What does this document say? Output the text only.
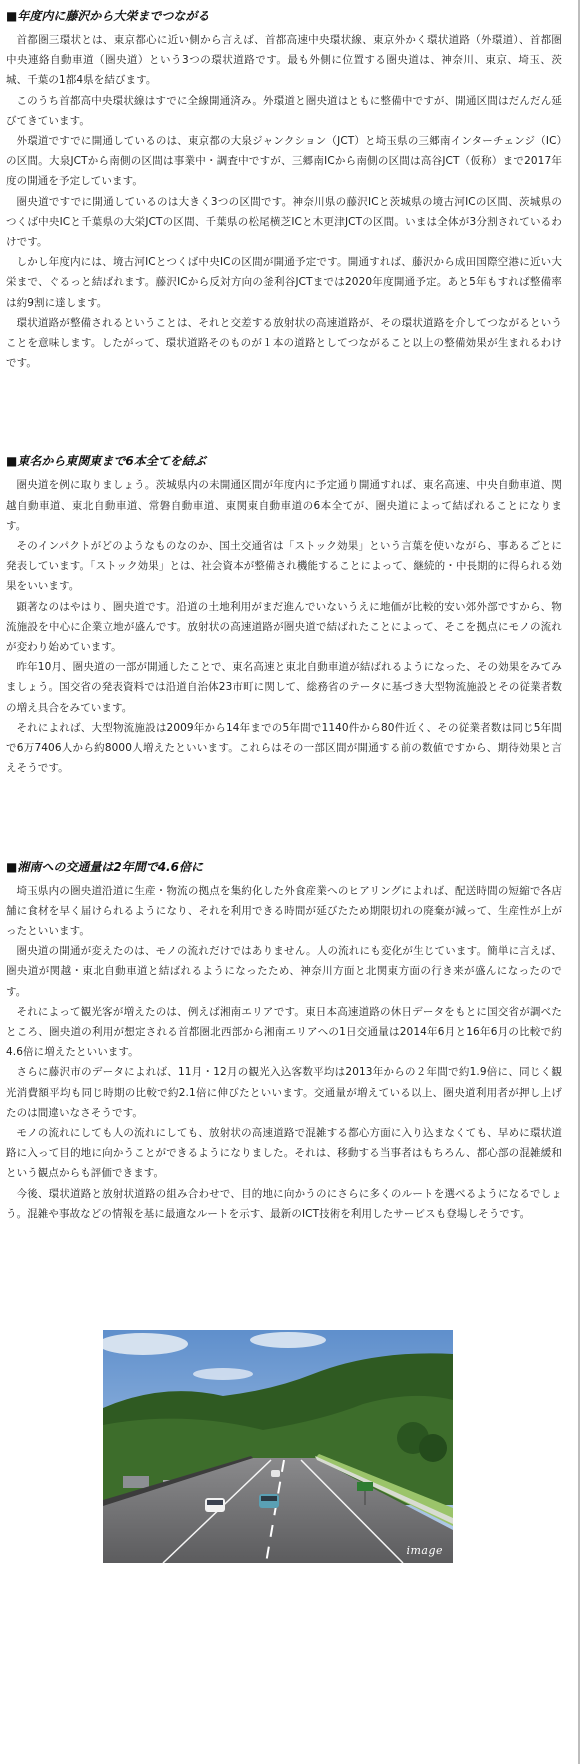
■年度内に藤沢から大栄までつながる

首都圏三環状とは、東京都心に近い側から言えば、首都高速中央環状線、東京外かく環状道路（外環道）、首都圏中央連絡自動車道（圏央道）という3つの環状道路です。最も外側に位置する圏央道は、神奈川、東京、埼玉、茨城、千葉の1都4県を結びます。

このうち首都高中央環状線はすでに全線開通済み。外環道と圏央道はともに整備中ですが、開通区間はだんだん延びてきています。

外環道ですでに開通しているのは、東京都の大泉ジャンクション（JCT）と埼玉県の三郷南インターチェンジ（IC）の区間。大泉JCTから南側の区間は事業中・調査中ですが、三郷南ICから南側の区間は高谷JCT（仮称）まで2017年度の開通を予定しています。

圏央道ですでに開通しているのは大きく3つの区間です。神奈川県の藤沢ICと茨城県の境古河ICの区間、茨城県のつくば中央ICと千葉県の大栄JCTの区間、千葉県の松尾横芝ICと木更津JCTの区間。いまは全体が3分割されているわけです。

しかし年度内には、境古河ICとつくば中央ICの区間が開通予定です。開通すれば、藤沢から成田国際空港に近い大栄まで、ぐるっと結ばれます。藤沢ICから反対方向の釜利谷JCTまでは2020年度開通予定。あと5年もすれば整備率は約9割に達します。

環状道路が整備されるということは、それと交差する放射状の高速道路が、その環状道路を介してつながるということを意味します。したがって、環状道路そのものが１本の道路としてつながること以上の整備効果が生まれるわけです。

■東名から東関東まで6本全てを結ぶ

圏央道を例に取りましょう。茨城県内の未開通区間が年度内に予定通り開通すれば、東名高速、中央自動車道、関越自動車道、東北自動車道、常磐自動車道、東関東自動車道の6本全てが、圏央道によって結ばれることになります。

そのインパクトがどのようなものなのか、国土交通省は「ストック効果」という言葉を使いながら、事あるごとに発表しています。「ストック効果」とは、社会資本が整備され機能することによって、継続的・中長期的に得られる効果をいいます。

顕著なのはやはり、圏央道です。沿道の土地利用がまだ進んでいないうえに地価が比較的安い郊外部ですから、物流施設を中心に企業立地が盛んです。放射状の高速道路が圏央道で結ばれたことによって、そこを拠点にモノの流れが変わり始めています。

昨年10月、圏央道の一部が開通したことで、東名高速と東北自動車道が結ばれるようになった、その効果をみてみましょう。国交省の発表資料では沿道自治体23市町に関して、総務省のテータに基づき大型物流施設とその従業者数の増え具合をみています。

それによれば、大型物流施設は2009年から14年までの5年間で1140件から80件近く、その従業者数は同じ5年間で6万7406人から約8000人増えたといいます。これらはその一部区間が開通する前の数値ですから、期待効果と言えそうです。

■湘南への交通量は2年間で4.6倍に

埼玉県内の圏央道沿道に生産・物流の拠点を集約化した外食産業へのヒアリングによれば、配送時間の短縮で各店舗に食材を早く届けられるようになり、それを利用できる時間が延びたため期限切れの廃棄が減って、生産性が上がったといいます。

圏央道の開通が変えたのは、モノの流れだけではありません。人の流れにも変化が生じています。簡単に言えば、圏央道が関越・東北自動車道と結ばれるようになったため、神奈川方面と北関東方面の行き来が盛んになったのです。

それによって観光客が増えたのは、例えば湘南エリアです。東日本高速道路の休日データをもとに国交省が調べたところ、圏央道の利用が想定される首都圏北西部から湘南エリアへの1日交通量は2014年6月と16年6月の比較で約4.6倍に増えたといいます。

さらに藤沢市のデータによれば、11月・12月の観光入込客数平均は2013年からの２年間で約1.9倍に、同じく観光消費額平均も同じ時期の比較で約2.1倍に伸びたといいます。交通量が増えている以上、圏央道利用者が押し上げたのは間違いなさそうです。

モノの流れにしても人の流れにしても、放射状の高速道路で混雑する都心方面に入り込まなくても、早めに環状道路に入って目的地に向かうことができるようになりました。それは、移動する当事者はもちろん、都心部の混雑緩和という観点からも評価できます。

今後、環状道路と放射状道路の組み合わせで、目的地に向かうのにさらに多くのルートを選べるようになるでしょう。混雑や事故などの情報を基に最適なルートを示す、最新のICT技術を利用したサービスも登場しそうです。

image
